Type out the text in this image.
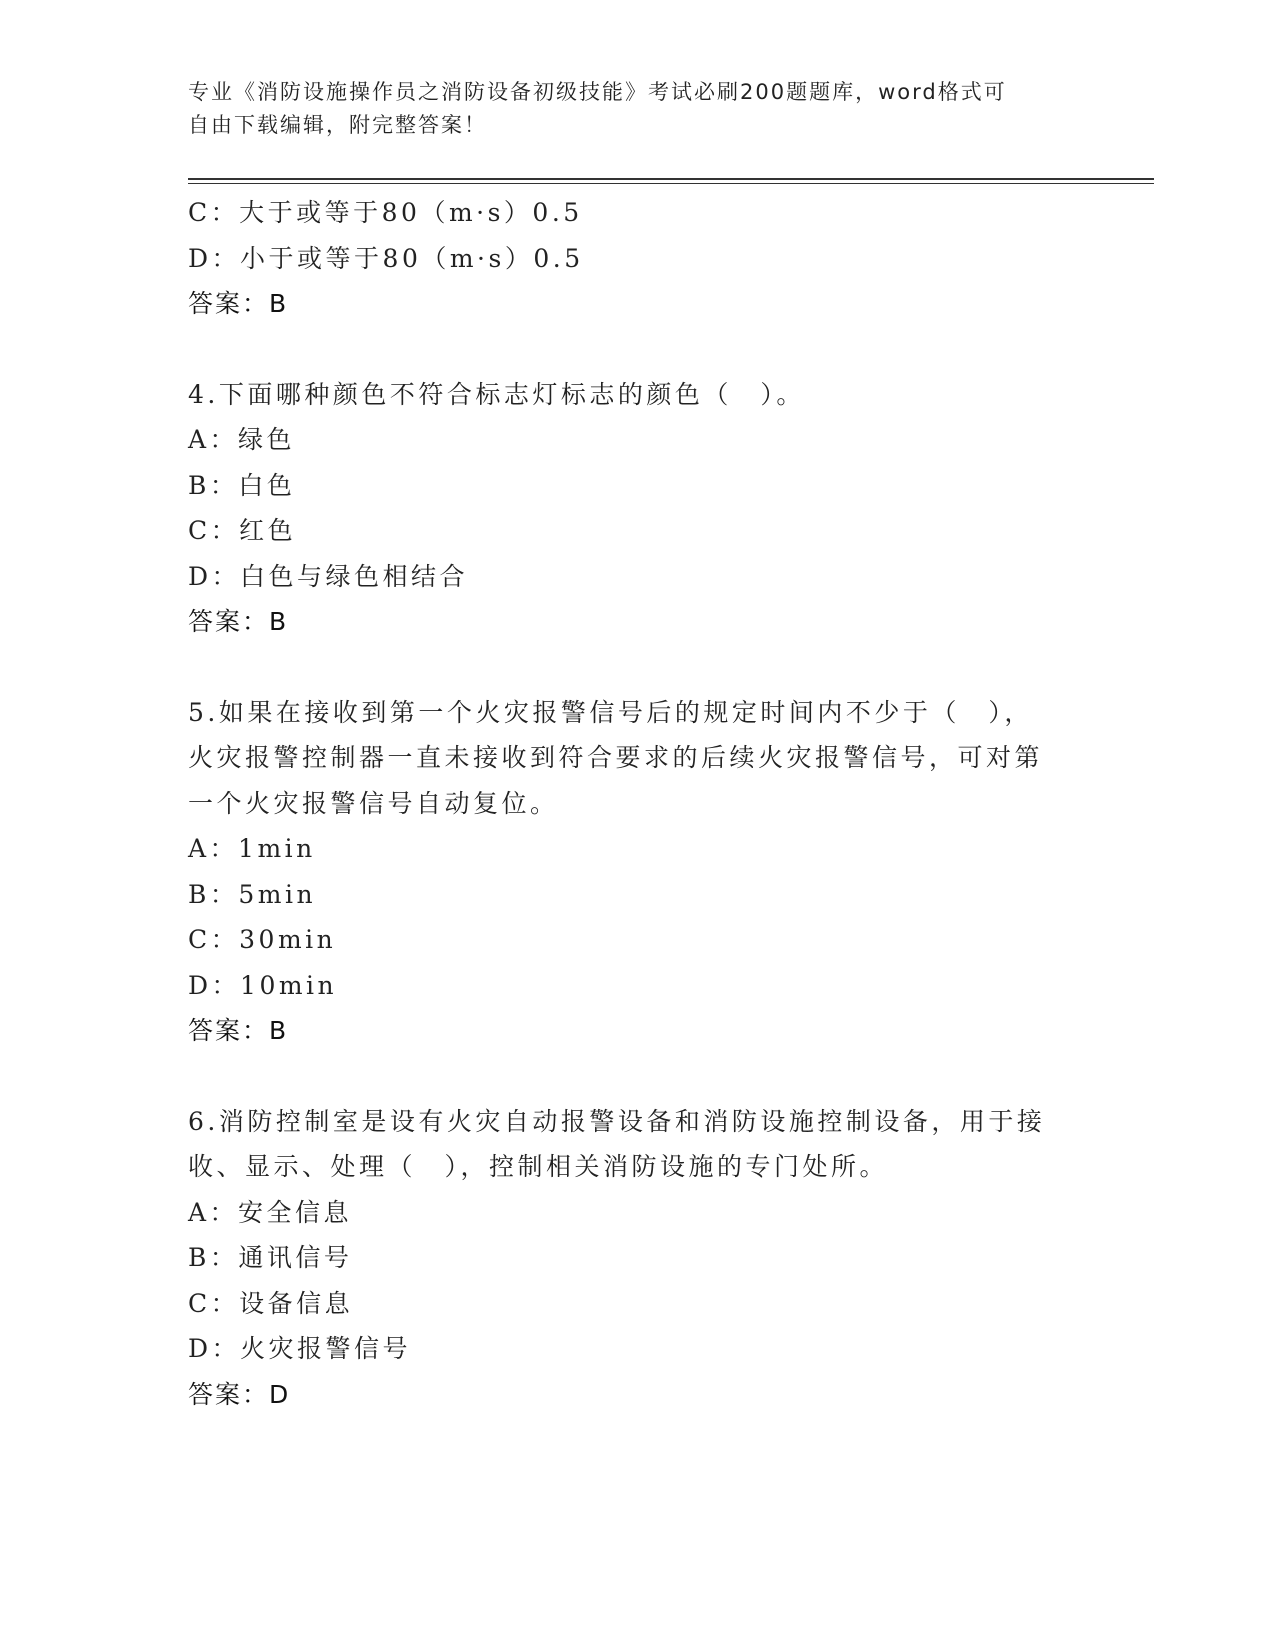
专业《消防设施操作员之消防设备初级技能》考试必刷200题题库，word格式可
自由下载编辑，附完整答案！
C：大于或等于80（m·s）0.5
D：小于或等于80（m·s）0.5
答案：B
4.下面哪种颜色不符合标志灯标志的颜色（　）。
A：绿色
B：白色
C：红色
D：白色与绿色相结合
答案：B
5.如果在接收到第一个火灾报警信号后的规定时间内不少于（　），
火灾报警控制器一直未接收到符合要求的后续火灾报警信号，可对第
一个火灾报警信号自动复位。
A：1min
B：5min
C：30min
D：10min
答案：B
6.消防控制室是设有火灾自动报警设备和消防设施控制设备，用于接
收、显示、处理（　），控制相关消防设施的专门处所。
A：安全信息
B：通讯信号
C：设备信息
D：火灾报警信号
答案：D
